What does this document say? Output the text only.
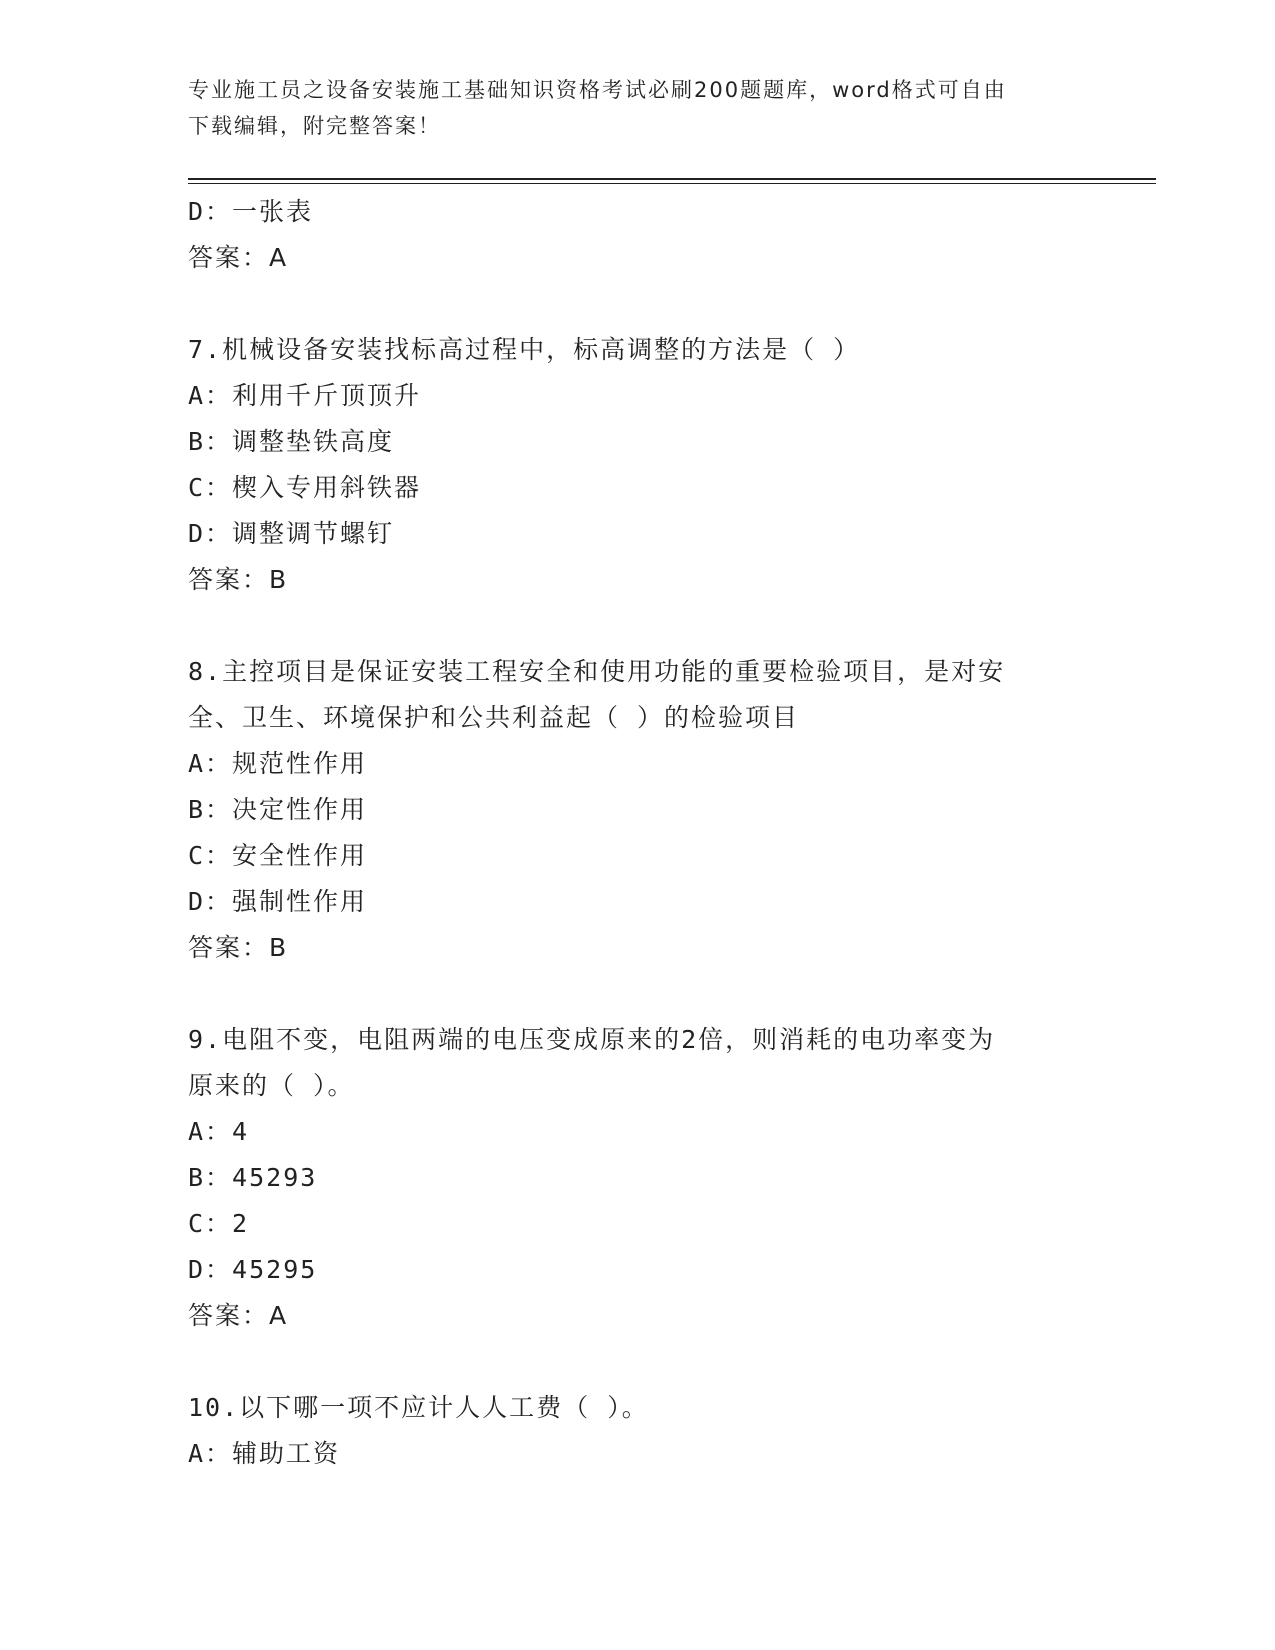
专业施工员之设备安装施工基础知识资格考试必刷200题题库，word格式可自由
下载编辑，附完整答案！
D：一张表
答案：A
7.机械设备安装找标高过程中，标高调整的方法是（ ）
A：利用千斤顶顶升
B：调整垫铁高度
C：楔入专用斜铁器
D：调整调节螺钉
答案：B
8.主控项目是保证安装工程安全和使用功能的重要检验项目，是对安
全、卫生、环境保护和公共利益起（ ）的检验项目
A：规范性作用
B：决定性作用
C：安全性作用
D：强制性作用
答案：B
9.电阻不变，电阻两端的电压变成原来的2倍，则消耗的电功率变为
原来的（ ）。
A：4
B：45293
C：2
D：45295
答案：A
10.以下哪一项不应计人人工费（ ）。
A：辅助工资
